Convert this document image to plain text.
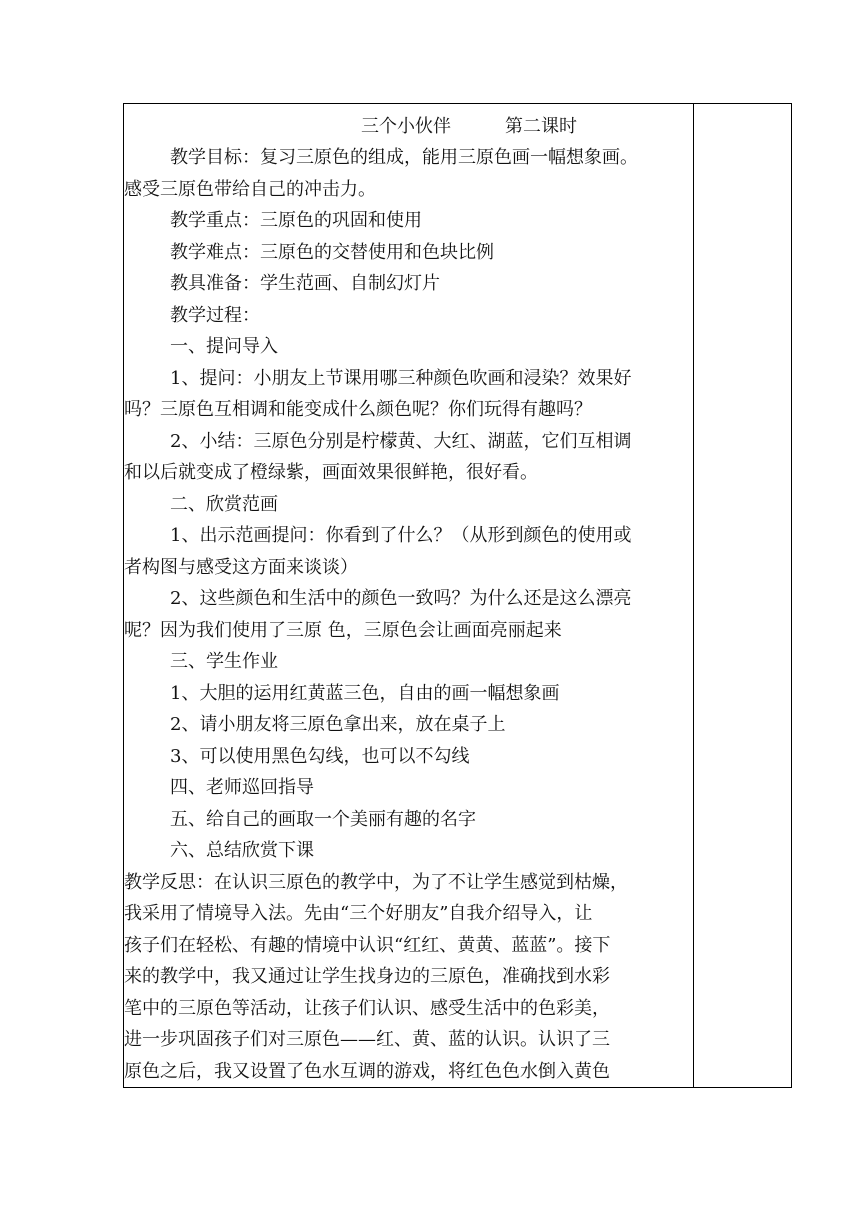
三个小伙伴	第二课时
教学目标：复习三原色的组成，能用三原色画一幅想象画。
感受三原色带给自己的冲击力。
教学重点：三原色的巩固和使用
教学难点：三原色的交替使用和色块比例
教具准备：学生范画、自制幻灯片
教学过程：
一、提问导入
1、提问：小朋友上节课用哪三种颜色吹画和浸染？效果好
吗？三原色互相调和能变成什么颜色呢？你们玩得有趣吗？
2、小结：三原色分别是柠檬黄、大红、湖蓝，它们互相调
和以后就变成了橙绿紫，画面效果很鲜艳，很好看。
二、欣赏范画
1、出示范画提问：你看到了什么？（从形到颜色的使用或
者构图与感受这方面来谈谈）
2、这些颜色和生活中的颜色一致吗？为什么还是这么漂亮
呢？因为我们使用了三原 色，三原色会让画面亮丽起来
三、学生作业
1、大胆的运用红黄蓝三色，自由的画一幅想象画
2、请小朋友将三原色拿出来，放在桌子上
3、可以使用黑色勾线，也可以不勾线
四、老师巡回指导
五、给自己的画取一个美丽有趣的名字
六、总结欣赏下课
教学反思：在认识三原色的教学中，为了不让学生感觉到枯燥，
我采用了情境导入法。先由“三个好朋友”自我介绍导入，让
孩子们在轻松、有趣的情境中认识“红红、黄黄、蓝蓝”。接下
来的教学中，我又通过让学生找身边的三原色，准确找到水彩
笔中的三原色等活动，让孩子们认识、感受生活中的色彩美，
进一步巩固孩子们对三原色——红、黄、蓝的认识。认识了三
原色之后，我又设置了色水互调的游戏，将红色色水倒入黄色
